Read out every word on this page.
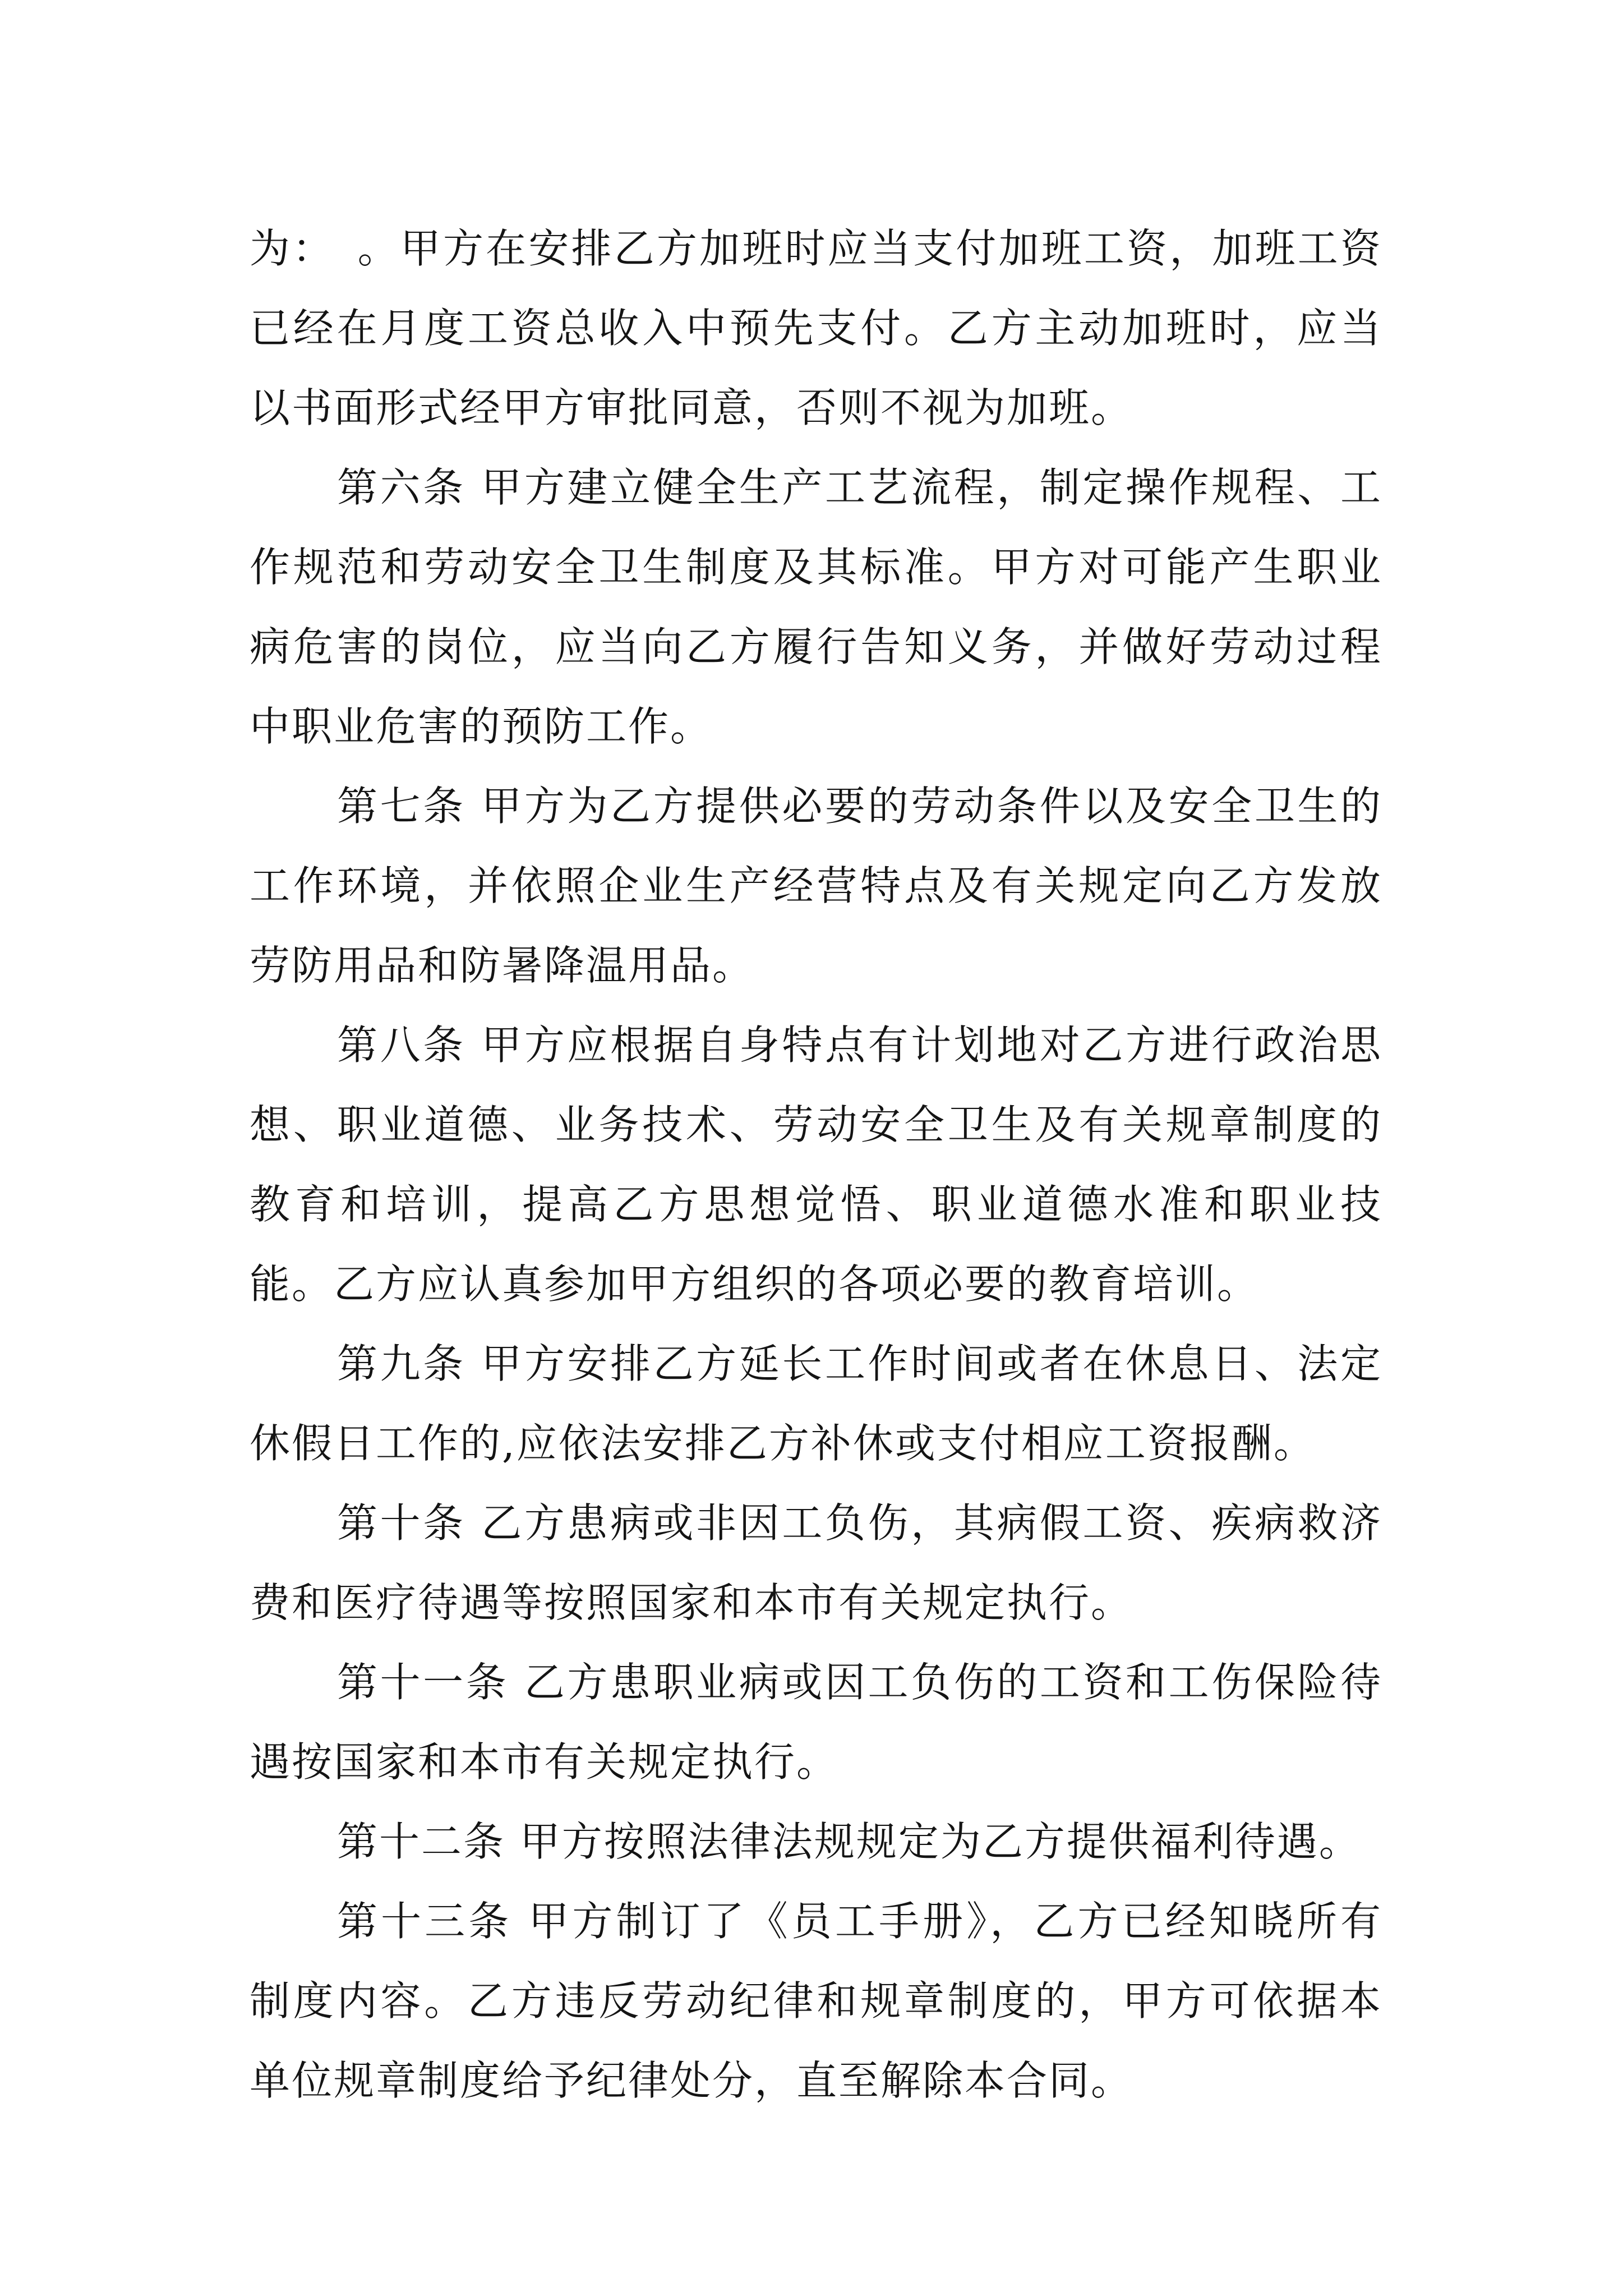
为：　。甲方在安排乙方加班时应当支付加班工资，加班工资已经在月度工资总收入中预先支付。乙方主动加班时，应当以书面形式经甲方审批同意，否则不视为加班。

第六条 甲方建立健全生产工艺流程，制定操作规程、工作规范和劳动安全卫生制度及其标准。甲方对可能产生职业病危害的岗位，应当向乙方履行告知义务，并做好劳动过程中职业危害的预防工作。

第七条 甲方为乙方提供必要的劳动条件以及安全卫生的工作环境，并依照企业生产经营特点及有关规定向乙方发放劳防用品和防暑降温用品。

第八条 甲方应根据自身特点有计划地对乙方进行政治思想、职业道德、业务技术、劳动安全卫生及有关规章制度的教育和培训，提高乙方思想觉悟、职业道德水准和职业技能。乙方应认真参加甲方组织的各项必要的教育培训。

第九条 甲方安排乙方延长工作时间或者在休息日、法定休假日工作的,应依法安排乙方补休或支付相应工资报酬。

第十条 乙方患病或非因工负伤，其病假工资、疾病救济费和医疗待遇等按照国家和本市有关规定执行。

第十一条 乙方患职业病或因工负伤的工资和工伤保险待遇按国家和本市有关规定执行。

第十二条 甲方按照法律法规规定为乙方提供福利待遇。

第十三条 甲方制订了《员工手册》，乙方已经知晓所有制度内容。乙方违反劳动纪律和规章制度的，甲方可依据本单位规章制度给予纪律处分，直至解除本合同。
